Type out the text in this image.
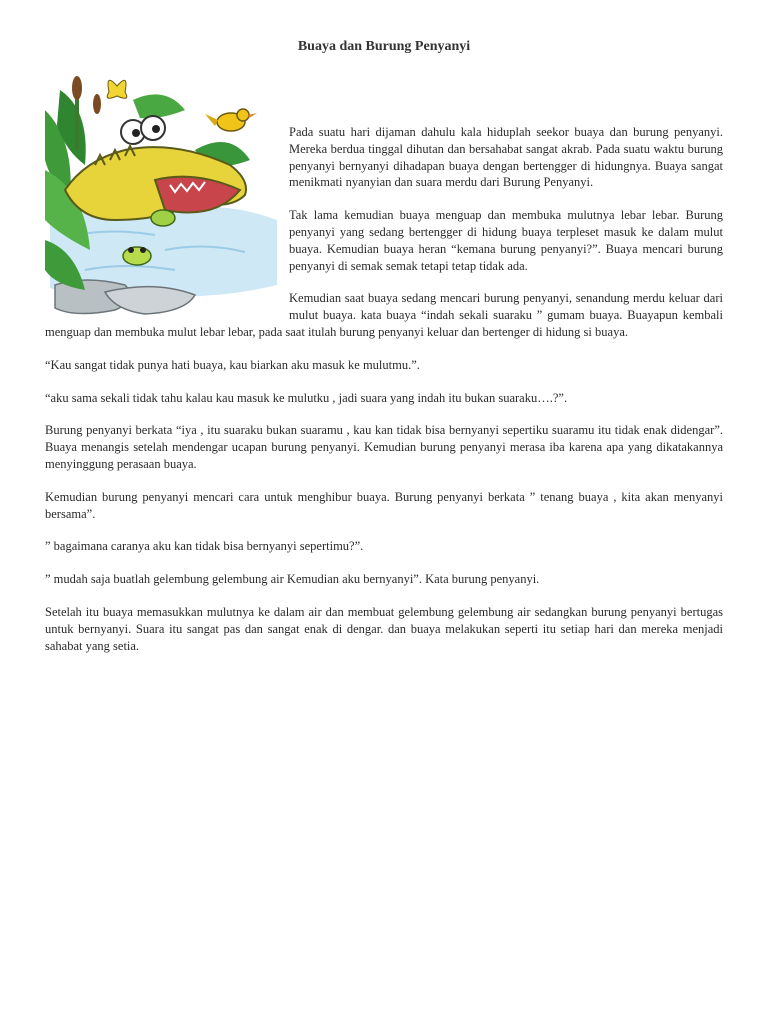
Buaya dan Burung Penyanyi

Pada suatu hari dijaman dahulu kala hiduplah seekor buaya dan burung penyanyi. Mereka berdua tinggal dihutan dan bersahabat sangat akrab. Pada suatu waktu burung penyanyi bernyanyi dihadapan buaya dengan bertengger di hidungnya. Buaya sangat menikmati nyanyian dan suara merdu dari Burung Penyanyi.

Tak lama kemudian buaya menguap dan membuka mulutnya lebar lebar. Burung penyanyi yang sedang bertengger di hidung buaya terpleset masuk ke dalam mulut buaya. Kemudian buaya heran “kemana burung penyanyi?”. Buaya mencari burung penyanyi di semak semak tetapi tetap tidak ada.

Kemudian saat buaya sedang mencari burung penyanyi, senandung merdu keluar dari mulut buaya. kata buaya “indah sekali suaraku ” gumam buaya. Buayapun kembali menguap dan membuka mulut lebar lebar, pada saat itulah burung penyanyi keluar dan bertenger di hidung si buaya.

“Kau sangat tidak punya hati buaya, kau biarkan aku masuk ke mulutmu.”.

“aku sama sekali tidak tahu kalau kau masuk ke mulutku , jadi suara yang indah itu bukan suaraku….?”.

Burung penyanyi berkata “iya , itu suaraku bukan suaramu , kau kan tidak bisa bernyanyi sepertiku suaramu itu tidak enak didengar”. Buaya menangis setelah mendengar ucapan burung penyanyi. Kemudian burung penyanyi merasa iba karena apa yang dikatakannya menyinggung perasaan buaya.

Kemudian burung penyanyi mencari cara untuk menghibur buaya. Burung penyanyi berkata ” tenang buaya , kita akan menyanyi bersama”.

” bagaimana caranya aku kan tidak bisa bernyanyi sepertimu?”.

” mudah saja buatlah gelembung gelembung air Kemudian aku bernyanyi”. Kata burung penyanyi.

Setelah itu buaya memasukkan mulutnya ke dalam air dan membuat gelembung gelembung air sedangkan burung penyanyi bertugas untuk bernyanyi. Suara itu sangat pas dan sangat enak di dengar. dan buaya melakukan seperti itu setiap hari dan mereka menjadi sahabat yang setia.
